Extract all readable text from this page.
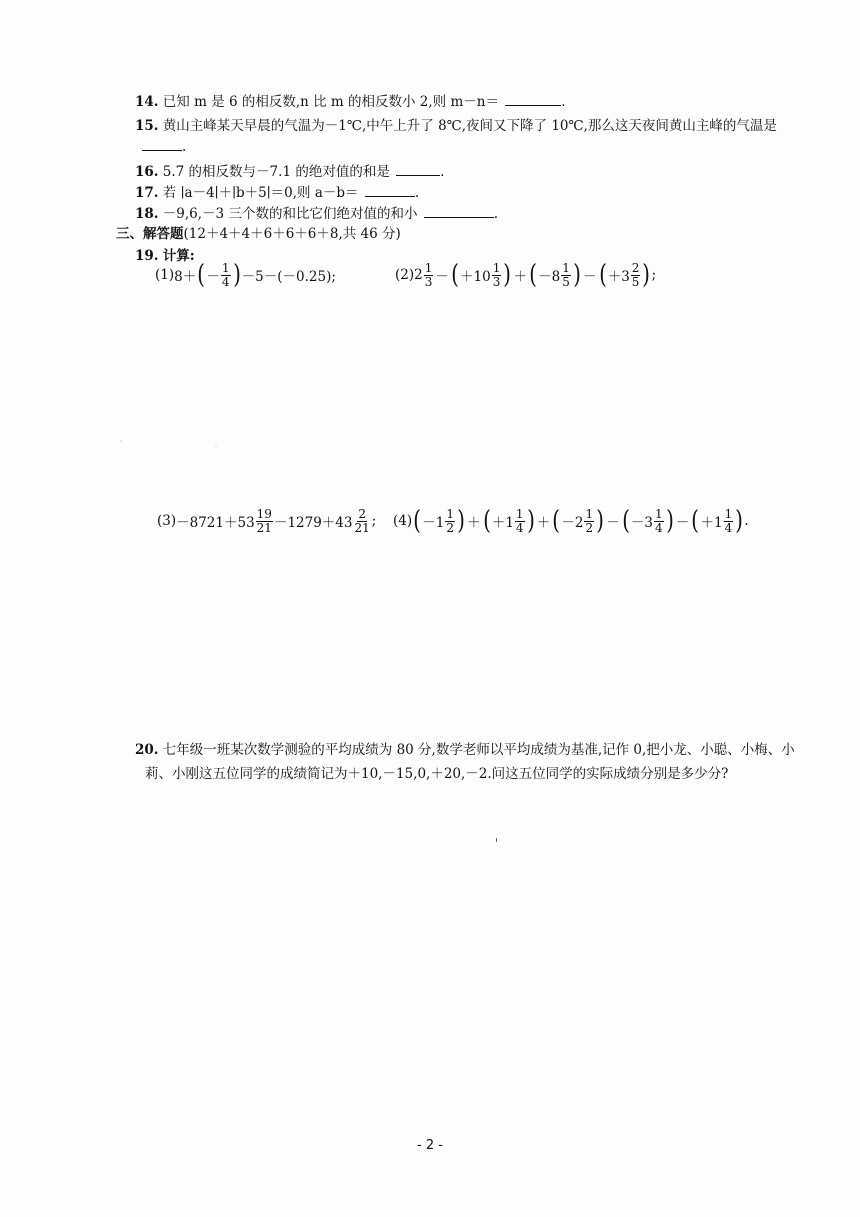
14. 已知 m 是 6 的相反数,n 比 m 的相反数小 2,则 m－n＝	.
15. 黄山主峰某天早晨的气温为－1℃,中午上升了 8℃,夜间又下降了 10℃,那么这天夜间黄山主峰的气温是
.
16. 5.7 的相反数与－7.1 的绝对值的和是	.
17. 若 ∣a－4∣＋∣b＋5∣＝0,则 a－b＝	.
18. －9,6,－3 三个数的和比它们绝对值的和小	.
三、解答题(12＋4＋4＋6＋6＋6＋8,共 46 分)
19. 计算:
(1) 8＋ ( － $\frac{1}{4}$ ) －5－(－0.25);	(2) $2 \frac{1}{3}$ － ( $+10 \frac{1}{3}$ ) ＋ ( $-8 \frac{1}{5}$ ) － ( $+3 \frac{2}{5}$ ) ;
$(3) -8721+53 \frac{19}{21} -1279+43 \frac{2}{21}$ ; (4) ( $-1 \frac{1}{2}$ ) ＋ ( $+1 \frac{1}{4}$ ) ＋ ( $-2 \frac{1}{2}$ ) － ( $-3 \frac{1}{4}$ ) － ( $+1 \frac{1}{4}$ ) .
20. 七年级一班某次数学测验的平均成绩为 80 分,数学老师以平均成绩为基准,记作 0,把小龙、小聪、小梅、小
莉、小刚这五位同学的成绩简记为＋10,－15,0,＋20,－2.问这五位同学的实际成绩分别是多少分?
- 2 -
